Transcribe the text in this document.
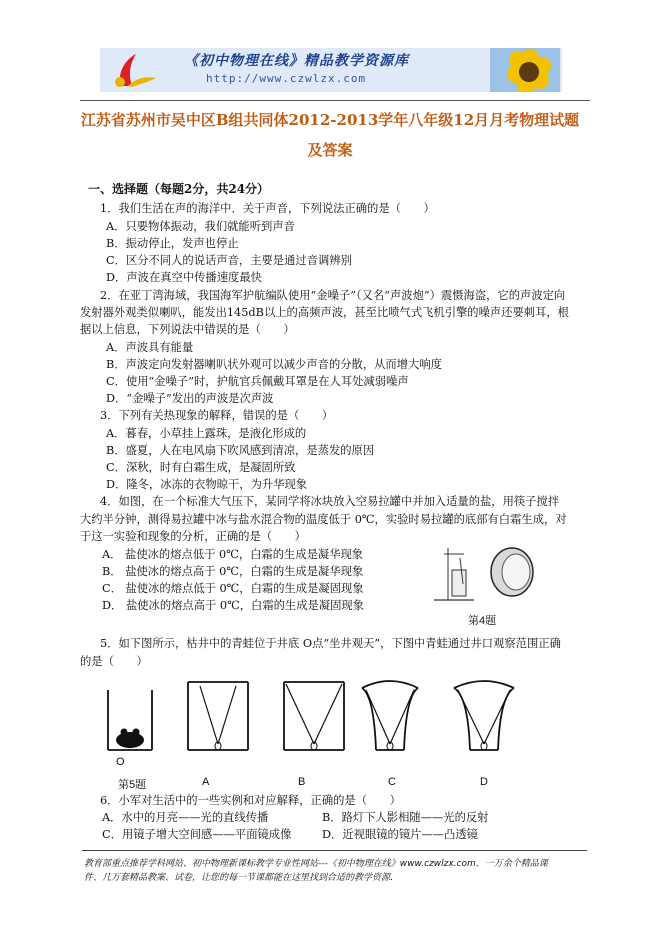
《初中物理在线》精品教学资源库
http://www.czwlzx.com
江苏省苏州市吴中区B组共同体2012-2013学年八年级12月月考物理试题
及答案
一、选择题（每题2分，共24分）
1．我们生活在声的海洋中．关于声音，下列说法正确的是（　　）
A．只要物体振动，我们就能听到声音
B．振动停止，发声也停止
C．区分不同人的说话声音，主要是通过音调辨别
D．声波在真空中传播速度最快
2．在亚丁湾海域，我国海军护航编队使用“金噪子”（又名“声波炮”）震慑海盗，它的声波定向
发射器外观类似喇叭，能发出145dB以上的高频声波，甚至比喷气式飞机引擎的噪声还要刺耳，根
据以上信息，下列说法中错误的是（　　）
A．声波具有能量
B．声波定向发射器喇叭状外观可以减少声音的分散，从而增大响度
C．使用“金噪子”时，护航官兵佩戴耳罩是在人耳处减弱噪声
D．“金噪子”发出的声波是次声波
3．下列有关热现象的解释，错误的是（　　）
A．暮春，小草挂上露珠，是液化形成的
B．盛夏，人在电风扇下吹风感到清凉，是蒸发的原因
C．深秋，时有白霜生成，是凝固所致
D．隆冬，冰冻的衣物晾干，为升华现象
4．如图，在一个标准大气压下，某同学将冰块放入空易拉罐中并加入适量的盐，用筷子搅拌
大约半分钟，测得易拉罐中冰与盐水混合物的温度低于 0℃，实验时易拉罐的底部有白霜生成，对
于这一实验和现象的分析，正确的是（　　）
A． 盐使冰的熔点低于 0℃，白霜的生成是凝华现象
B． 盐使冰的熔点高于 0℃，白霜的生成是凝华现象
C． 盐使冰的熔点低于 0℃，白霜的生成是凝固现象
D． 盐使冰的熔点高于 0℃，白霜的生成是凝固现象
第4题
5．如下图所示，枯井中的青蛙位于井底 O点“坐井观天”，下图中青蛙通过井口观察范围正确
的是（　　）
O
第5题	A	B	C	D
6．小军对生活中的一些实例和对应解释，正确的是（　　）
A．水中的月亮——光的直线传播	B．路灯下人影相随——光的反射
C．用镜子增大空间感——平面镜成像	D．近视眼镜的镜片——凸透镜
教育部重点推荐学科网站、初中物理新课标教学专业性网站---《初中物理在线》www.czwlzx.com．一万余个精品课
件、几万套精品教案、试卷，让您的每一节课都能在这里找到合适的教学资源．
